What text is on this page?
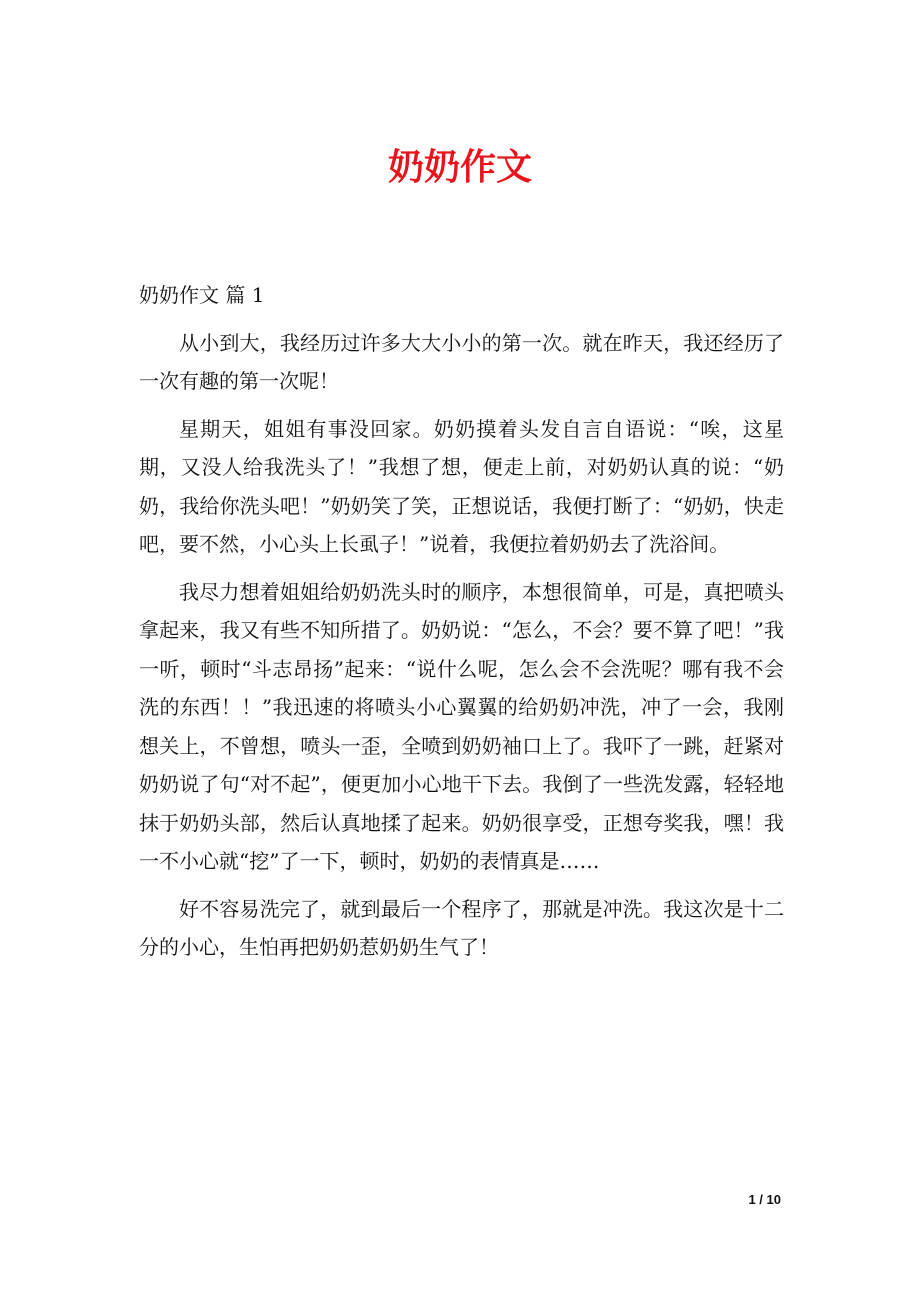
奶奶作文
奶奶作文 篇 1

从小到大，我经历过许多大大小小的第一次。就在昨天，我还经历了一次有趣的第一次呢！

星期天，姐姐有事没回家。奶奶摸着头发自言自语说：“唉，这星期，又没人给我洗头了！”我想了想，便走上前，对奶奶认真的说：“奶奶，我给你洗头吧！”奶奶笑了笑，正想说话，我便打断了：“奶奶，快走吧，要不然，小心头上长虱子！”说着，我便拉着奶奶去了洗浴间。

我尽力想着姐姐给奶奶洗头时的顺序，本想很简单，可是，真把喷头拿起来，我又有些不知所措了。奶奶说：“怎么，不会？要不算了吧！”我一听，顿时“斗志昂扬”起来：“说什么呢，怎么会不会洗呢？哪有我不会洗的东西！！”我迅速的将喷头小心翼翼的给奶奶冲洗，冲了一会，我刚想关上，不曾想，喷头一歪，全喷到奶奶袖口上了。我吓了一跳，赶紧对奶奶说了句“对不起”，便更加小心地干下去。我倒了一些洗发露，轻轻地抹于奶奶头部，然后认真地揉了起来。奶奶很享受，正想夸奖我，嘿！我一不小心就“挖”了一下，顿时，奶奶的表情真是……

好不容易洗完了，就到最后一个程序了，那就是冲洗。我这次是十二分的小心，生怕再把奶奶惹奶奶生气了！

1 / 10
